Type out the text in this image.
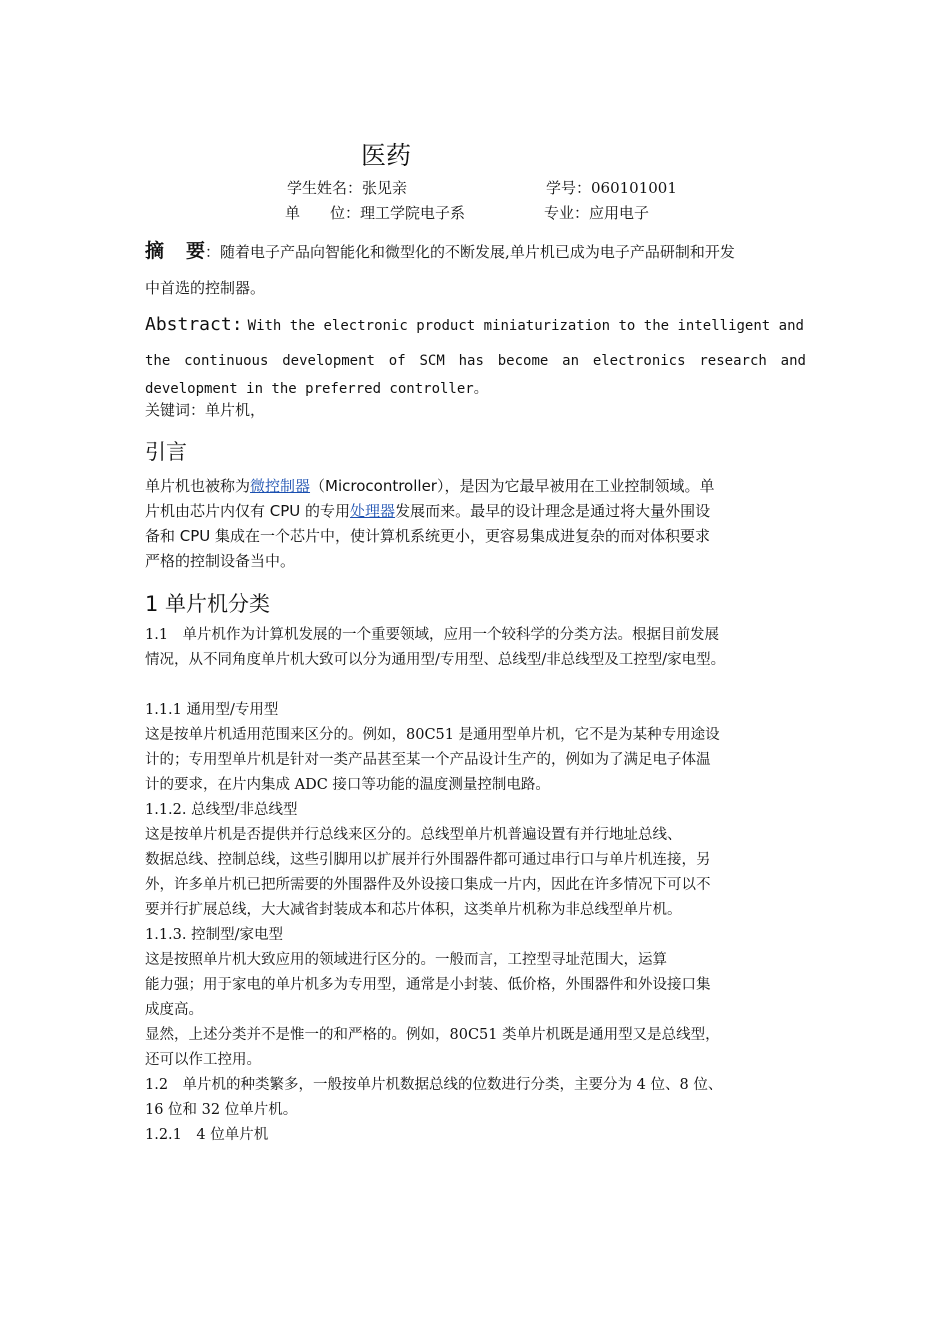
医药
学生姓名：张见亲	学号：060101001
单　　位：理工学院电子系	专业：应用电子
摘 要：随着电子产品向智能化和微型化的不断发展,单片机已成为电子产品研制和开发
中首选的控制器。
Abstract: With the electronic product miniaturization to the intelligent and
the continuous development of SCM has become an electronics research and
development in the preferred controller。
关键词：单片机，
引言
单片机也被称为微控制器（Microcontroller），是因为它最早被用在工业控制领域。单
片机由芯片内仅有 CPU 的专用处理器发展而来。最早的设计理念是通过将大量外围设
备和 CPU 集成在一个芯片中，使计算机系统更小，更容易集成进复杂的而对体积要求
严格的控制设备当中。
1 单片机分类
1.1　单片机作为计算机发展的一个重要领域，应用一个较科学的分类方法。根据目前发展
情况，从不同角度单片机大致可以分为通用型/专用型、总线型/非总线型及工控型/家电型。
1.1.1 通用型/专用型
这是按单片机适用范围来区分的。例如，80C51 是通用型单片机，它不是为某种专用途设
计的；专用型单片机是针对一类产品甚至某一个产品设计生产的，例如为了满足电子体温
计的要求，在片内集成 ADC 接口等功能的温度测量控制电路。
1.1.2. 总线型/非总线型
这是按单片机是否提供并行总线来区分的。总线型单片机普遍设置有并行地址总线、
数据总线、控制总线，这些引脚用以扩展并行外围器件都可通过串行口与单片机连接，另
外，许多单片机已把所需要的外围器件及外设接口集成一片内，因此在许多情况下可以不
要并行扩展总线，大大减省封装成本和芯片体积，这类单片机称为非总线型单片机。
1.1.3. 控制型/家电型
这是按照单片机大致应用的领域进行区分的。一般而言，工控型寻址范围大，运算
能力强；用于家电的单片机多为专用型，通常是小封装、低价格，外围器件和外设接口集
成度高。
显然，上述分类并不是惟一的和严格的。例如，80C51 类单片机既是通用型又是总线型，
还可以作工控用。
1.2　单片机的种类繁多，一般按单片机数据总线的位数进行分类，主要分为 4 位、8 位、
16 位和 32 位单片机。
1.2.1　4 位单片机
